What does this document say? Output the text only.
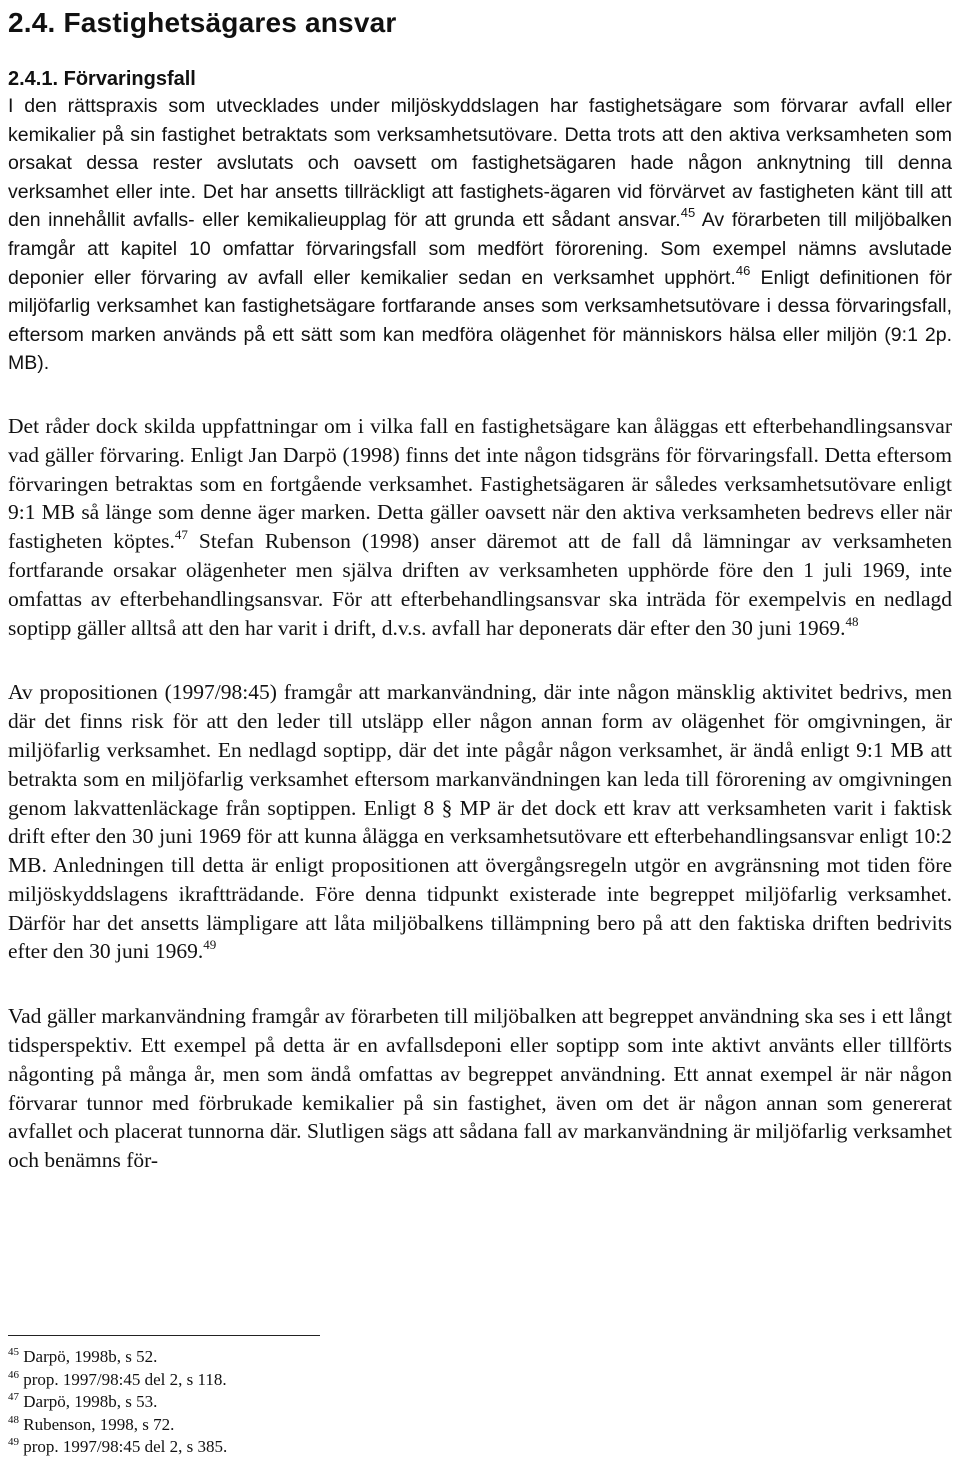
2.4. Fastighetsägares ansvar
2.4.1. Förvaringsfall

I den rättspraxis som utvecklades under miljöskyddslagen har fastighetsägare som förvarar avfall eller kemikalier på sin fastighet betraktats som verksamhetsutövare. Detta trots att den aktiva verksamheten som orsakat dessa rester avslutats och oavsett om fastighetsägaren hade någon anknytning till denna verksamhet eller inte. Det har ansetts tillräckligt att fastighets-ägaren vid förvärvet av fastigheten känt till att den innehållit avfalls- eller kemikalieupplag för att grunda ett sådant ansvar.$^{45}$ Av förarbeten till miljöbalken framgår att kapitel 10 omfattar förvaringsfall som medfört förorening. Som exempel nämns avslutade deponier eller förvaring av avfall eller kemikalier sedan en verksamhet upphört.$^{46}$ Enligt definitionen för miljöfarlig verksamhet kan fastighetsägare fortfarande anses som verksamhetsutövare i dessa förvaringsfall, eftersom marken används på ett sätt som kan medföra olägenhet för människors hälsa eller miljön (9:1 2p. MB).

Det råder dock skilda uppfattningar om i vilka fall en fastighetsägare kan åläggas ett efterbehandlingsansvar vad gäller förvaring. Enligt Jan Darpö (1998) finns det inte någon tidsgräns för förvaringsfall. Detta eftersom förvaringen betraktas som en fortgående verksamhet. Fastighetsägaren är således verksamhetsutövare enligt 9:1 MB så länge som denne äger marken. Detta gäller oavsett när den aktiva verksamheten bedrevs eller när fastigheten köptes.$^{47}$ Stefan Rubenson (1998) anser däremot att de fall då lämningar av verksamheten fortfarande orsakar olägenheter men själva driften av verksamheten upphörde före den 1 juli 1969, inte omfattas av efterbehandlingsansvar. För att efterbehandlingsansvar ska inträda för exempelvis en nedlagd soptipp gäller alltså att den har varit i drift, d.v.s. avfall har deponerats där efter den 30 juni 1969.48

Av propositionen (1997/98:45) framgår att markanvändning, där inte någon mänsklig aktivitet bedrivs, men där det finns risk för att den leder till utsläpp eller någon annan form av olägenhet för omgivningen, är miljöfarlig verksamhet. En nedlagd soptipp, där det inte pågår någon verksamhet, är ändå enligt 9:1 MB att betrakta som en miljöfarlig verksamhet eftersom markanvändningen kan leda till förorening av omgivningen genom lakvattenläckage från soptippen. Enligt 8 § MP är det dock ett krav att verksamheten varit i faktisk drift efter den 30 juni 1969 för att kunna ålägga en verksamhetsutövare ett efterbehandlingsansvar enligt 10:2 MB. Anledningen till detta är enligt propositionen att övergångsregeln utgör en avgränsning mot tiden före miljöskyddslagens ikraftträdande. Före denna tidpunkt existerade inte begreppet miljöfarlig verksamhet. Därför har det ansetts lämpligare att låta miljöbalkens tillämpning bero på att den faktiska driften bedrivits efter den 30 juni 1969.49

Vad gäller markanvändning framgår av förarbeten till miljöbalken att begreppet användning ska ses i ett långt tidsperspektiv. Ett exempel på detta är en avfallsdeponi eller soptipp som inte aktivt använts eller tillförts någonting på många år, men som ändå omfattas av begreppet användning. Ett annat exempel är när någon förvarar tunnor med förbrukade kemikalier på sin fastighet, även om det är någon annan som genererat avfallet och placerat tunnorna där. Slutligen sägs att sådana fall av markanvändning är miljöfarlig verksamhet och benämns för-

$^{45}$ Darpö, 1998b, s 52.

$^{46}$ prop. 1997/98:45 del 2, s 118.

$^{47}$ Darpö, 1998b, s 53.

$^{48}$ Rubenson, 1998, s 72.

$^{49}$ prop. 1997/98:45 del 2, s 385.
